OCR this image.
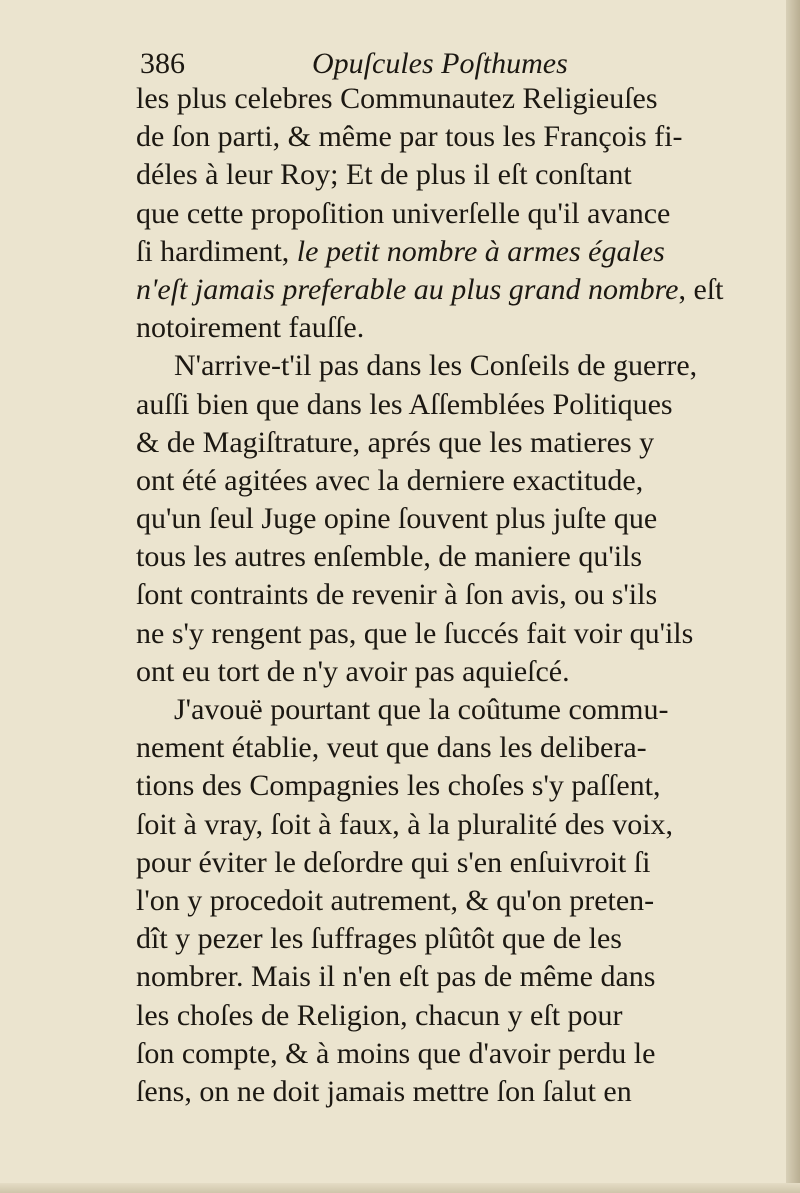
386	Opuſcules Poſthumes
les plus celebres Communautez Religieuſes
de ſon parti, & même par tous les François fi-
déles à leur Roy; Et de plus il eſt conſtant
que cette propoſition univerſelle qu'il avance
ſi hardiment, le petit nombre à armes égales
n'eſt jamais preferable au plus grand nombre, eſt
notoirement fauſſe.
N'arrive-t'il pas dans les Conſeils de guerre,
auſſi bien que dans les Aſſemblées Politiques
& de Magiſtrature, aprés que les matieres y
ont été agitées avec la derniere exactitude,
qu'un ſeul Juge opine ſouvent plus juſte que
tous les autres enſemble, de maniere qu'ils
ſont contraints de revenir à ſon avis, ou s'ils
ne s'y rengent pas, que le ſuccés fait voir qu'ils
ont eu tort de n'y avoir pas aquieſcé.
J'avouë pourtant que la coûtume commu-
nement établie, veut que dans les delibera-
tions des Compagnies les choſes s'y paſſent,
ſoit à vray, ſoit à faux, à la pluralité des voix,
pour éviter le deſordre qui s'en enſuivroit ſi
l'on y procedoit autrement, & qu'on preten-
dît y pezer les ſuffrages plûtôt que de les
nombrer. Mais il n'en eſt pas de même dans
les choſes de Religion, chacun y eſt pour
ſon compte, & à moins que d'avoir perdu le
ſens, on ne doit jamais mettre ſon ſalut en
